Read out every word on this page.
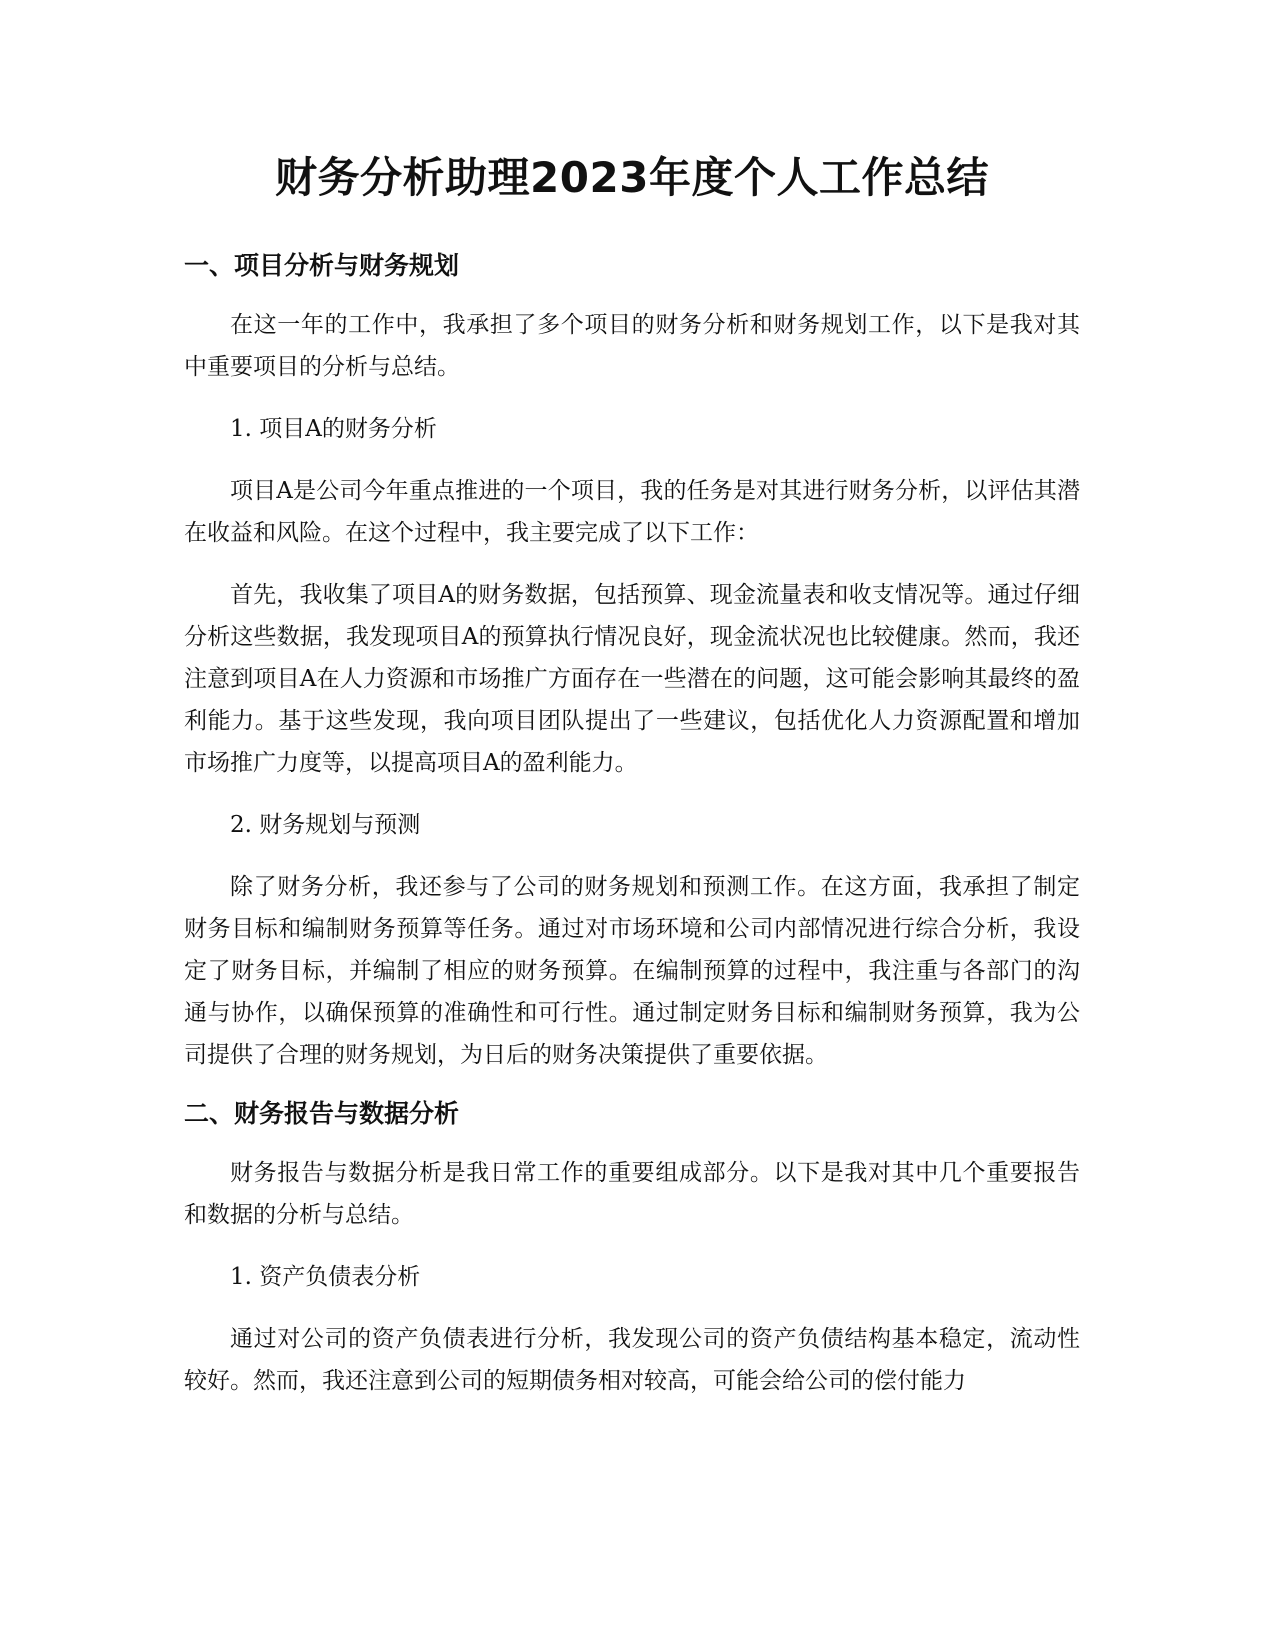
财务分析助理2023年度个人工作总结
一、项目分析与财务规划

在这一年的工作中，我承担了多个项目的财务分析和财务规划工作，以下是我对其中重要项目的分析与总结。

1. 项目A的财务分析

项目A是公司今年重点推进的一个项目，我的任务是对其进行财务分析，以评估其潜在收益和风险。在这个过程中，我主要完成了以下工作：

首先，我收集了项目A的财务数据，包括预算、现金流量表和收支情况等。通过仔细分析这些数据，我发现项目A的预算执行情况良好，现金流状况也比较健康。然而，我还注意到项目A在人力资源和市场推广方面存在一些潜在的问题，这可能会影响其最终的盈利能力。基于这些发现，我向项目团队提出了一些建议，包括优化人力资源配置和增加市场推广力度等，以提高项目A的盈利能力。

2. 财务规划与预测

除了财务分析，我还参与了公司的财务规划和预测工作。在这方面，我承担了制定财务目标和编制财务预算等任务。通过对市场环境和公司内部情况进行综合分析，我设定了财务目标，并编制了相应的财务预算。在编制预算的过程中，我注重与各部门的沟通与协作，以确保预算的准确性和可行性。通过制定财务目标和编制财务预算，我为公司提供了合理的财务规划，为日后的财务决策提供了重要依据。

二、财务报告与数据分析

财务报告与数据分析是我日常工作的重要组成部分。以下是我对其中几个重要报告和数据的分析与总结。

1. 资产负债表分析

通过对公司的资产负债表进行分析，我发现公司的资产负债结构基本稳定，流动性较好。然而，我还注意到公司的短期债务相对较高，可能会给公司的偿付能力
